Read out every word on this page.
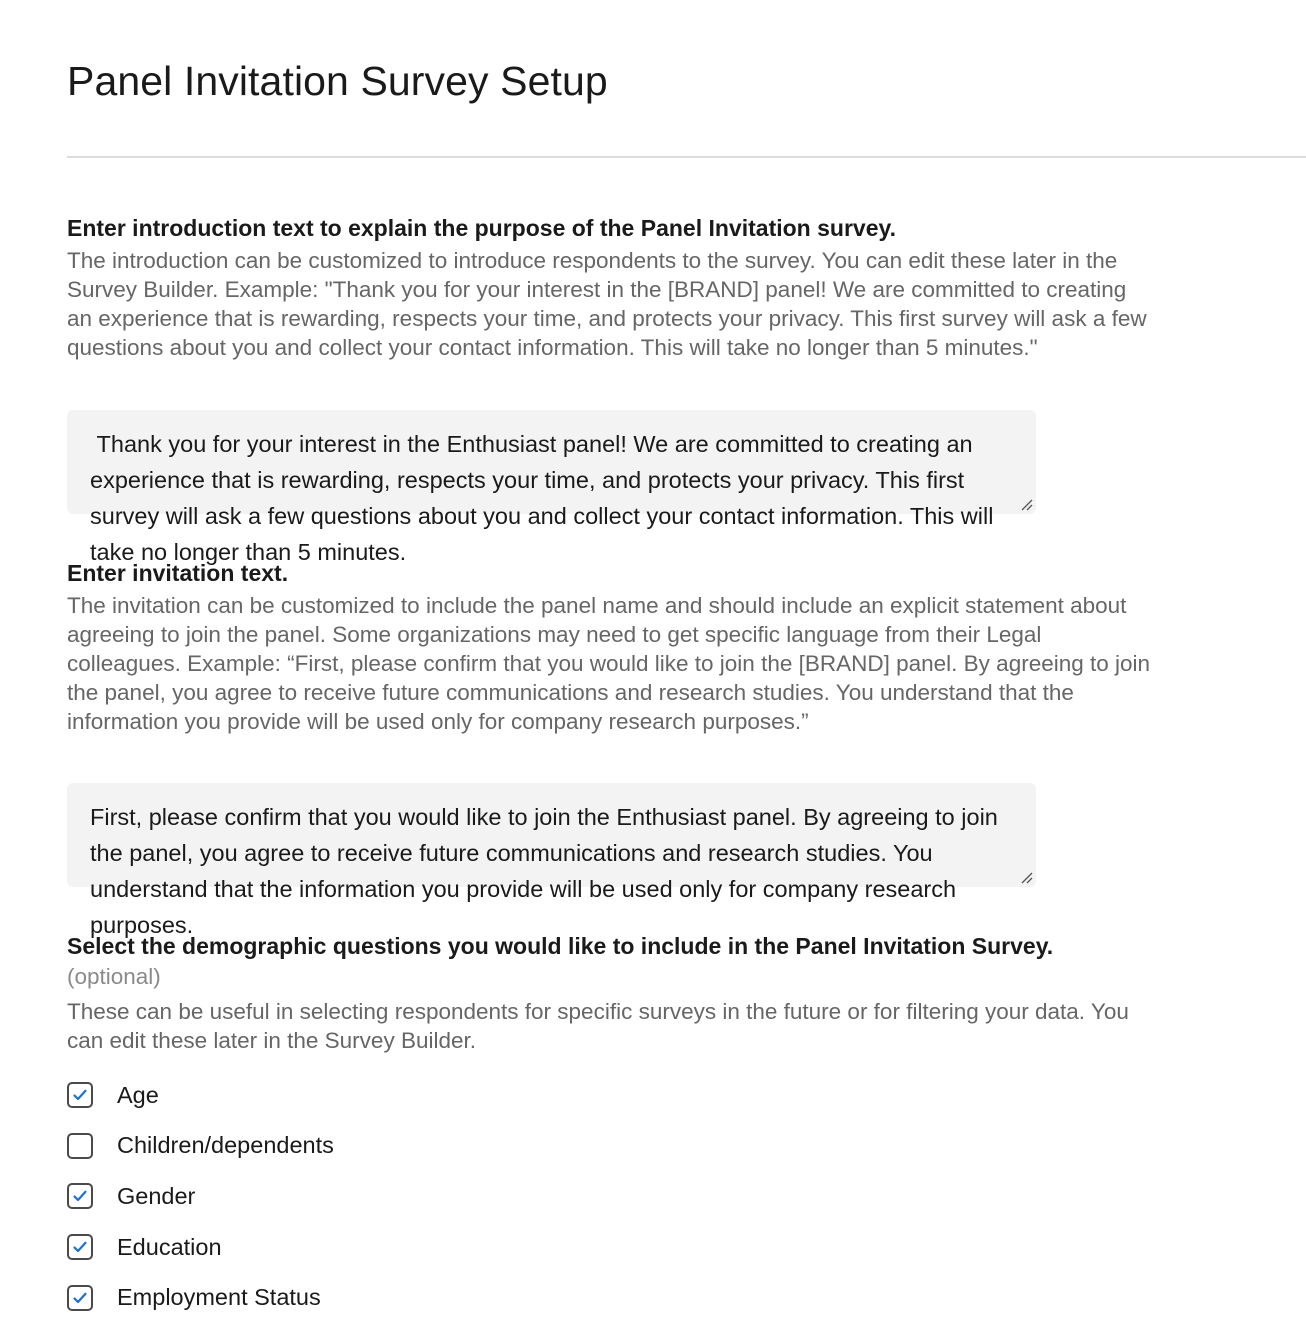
Panel Invitation Survey Setup

Enter introduction text to explain the purpose of the Panel Invitation survey.

The introduction can be customized to introduce respondents to the survey. You can edit these later in the Survey Builder. Example: "Thank you for your interest in the [BRAND] panel! We are committed to creating an experience that is rewarding, respects your time, and protects your privacy. This first survey will ask a few questions about you and collect your contact information. This will take no longer than 5 minutes."

Thank you for your interest in the Enthusiast panel! We are committed to creating an experience that is rewarding, respects your time, and protects your privacy. This first survey will ask a few questions about you and collect your contact information. This will take no longer than 5 minutes.

Enter invitation text.

The invitation can be customized to include the panel name and should include an explicit statement about agreeing to join the panel. Some organizations may need to get specific language from their Legal colleagues. Example: “First, please confirm that you would like to join the [BRAND] panel. By agreeing to join the panel, you agree to receive future communications and research studies. You understand that the information you provide will be used only for company research purposes.”

First, please confirm that you would like to join the Enthusiast panel. By agreeing to join the panel, you agree to receive future communications and research studies. You understand that the information you provide will be used only for company research purposes.

Select the demographic questions you would like to include in the Panel Invitation Survey.

(optional)

These can be useful in selecting respondents for specific surveys in the future or for filtering your data. You can edit these later in the Survey Builder.

Age
Children/dependents
Gender
Education
Employment Status
